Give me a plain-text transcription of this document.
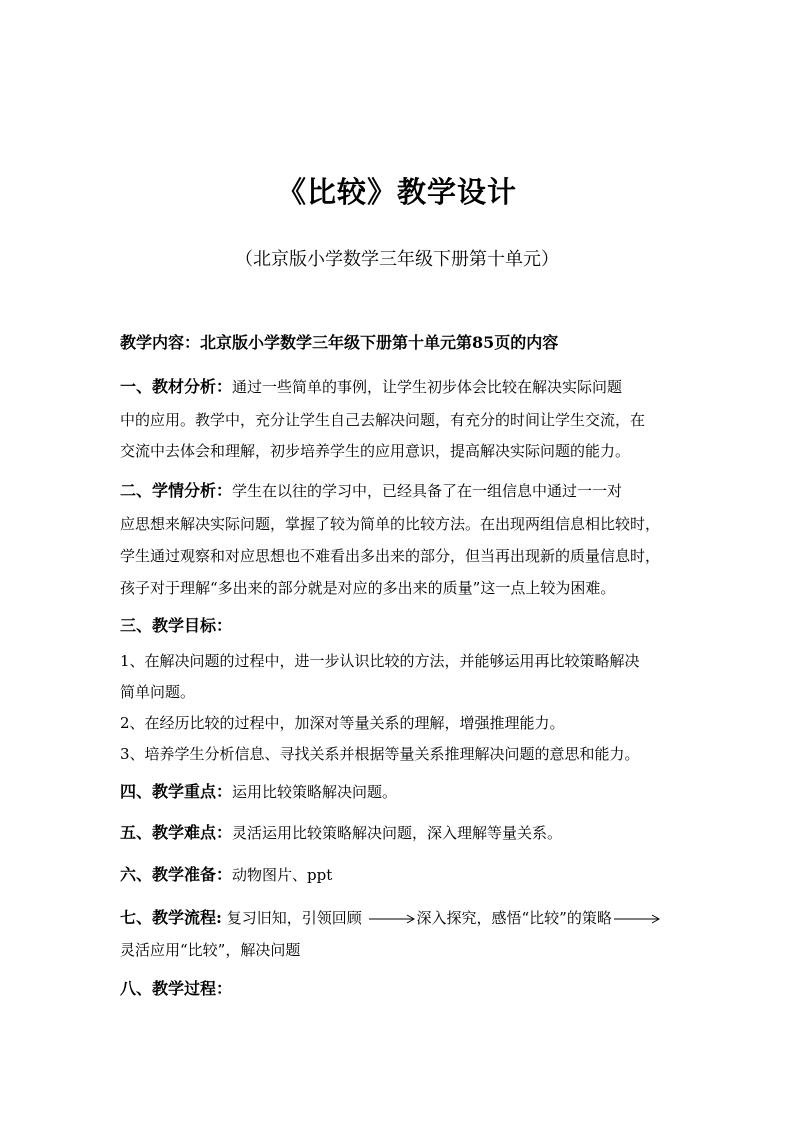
《比较》教学设计
（北京版小学数学三年级下册第十单元）
教学内容：北京版小学数学三年级下册第十单元第85页的内容
一、教材分析：通过一些简单的事例，让学生初步体会比较在解决实际问题
中的应用。教学中，充分让学生自己去解决问题，有充分的时间让学生交流，在
交流中去体会和理解，初步培养学生的应用意识，提高解决实际问题的能力。
二、学情分析：学生在以往的学习中，已经具备了在一组信息中通过一一对
应思想来解决实际问题，掌握了较为简单的比较方法。在出现两组信息相比较时，
学生通过观察和对应思想也不难看出多出来的部分，但当再出现新的质量信息时，
孩子对于理解“多出来的部分就是对应的多出来的质量”这一点上较为困难。
三、教学目标：
1、在解决问题的过程中，进一步认识比较的方法，并能够运用再比较策略解决
简单问题。
2、在经历比较的过程中，加深对等量关系的理解，增强推理能力。
3、培养学生分析信息、寻找关系并根据等量关系推理解决问题的意思和能力。
四、教学重点：运用比较策略解决问题。
五、教学难点：灵活运用比较策略解决问题，深入理解等量关系。
六、教学准备：动物图片、ppt
七、教学流程: 复习旧知，引领回顾	深入探究，感悟“比较”的策略
灵活应用“比较”，解决问题
八、教学过程：
